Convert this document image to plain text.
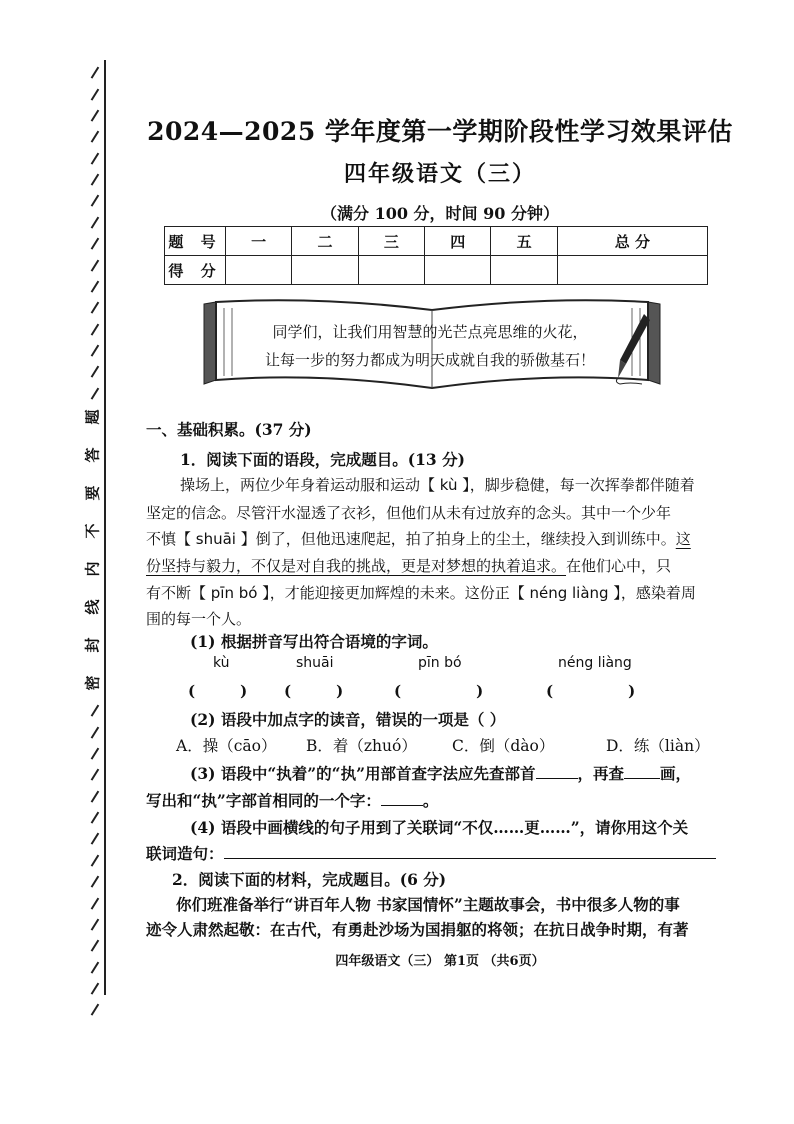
题
答
要
不
内
线
封
密
2024—2025 学年度第一学期阶段性学习效果评估
四年级语文（三）
（满分 100 分，时间 90 分钟）
题 号	一	二	三	四	五	总 分
得 分						
同学们，让我们用智慧的光芒点亮思维的火花，
让每一步的努力都成为明天成就自我的骄傲基石！
一、基础积累。(37 分)
1．阅读下面的语段，完成题目。(13 分)
操场上，两位少年身着运动服和运动【 kù 】，脚步稳健，每一次挥拳都伴随着
坚定的信念。尽管汗水湿透了衣衫，但他们从未有过放弃的念头。其中一个少年
不慎【 shuāi 】倒了，但他迅速爬起，拍了拍身上的尘土，继续投入到训练中。这
份坚持与毅力，不仅是对自我的挑战，更是对梦想的执着追求。在他们心中，只
有不断【 pīn bó 】，才能迎接更加辉煌的未来。这份正【 néng liàng 】，感染着周
围的每一个人。
(1) 根据拼音写出符合语境的字词。
kù	shuāi	pīn bó	néng liàng
(　　　) (　　　)	(　　　　　)	(　　　　　)
(2) 语段中加点字的读音，错误的一项是（ ）
A．操（cāo） B．着（zhuó） C．倒（dào）	D．练（liàn）
(3) 语段中“执着”的“执”用部首查字法应先查部首	，再查 画，
写出和“执”字部首相同的一个字：	。
(4) 语段中画横线的句子用到了关联词“不仅……更……”，请你用这个关
联词造句：
2．阅读下面的材料，完成题目。(6 分)
你们班准备举行“讲百年人物 书家国情怀”主题故事会，书中很多人物的事
迹令人肃然起敬：在古代，有勇赴沙场为国捐躯的将领；在抗日战争时期，有著
四年级语文（三） 第1页 （共6页）
